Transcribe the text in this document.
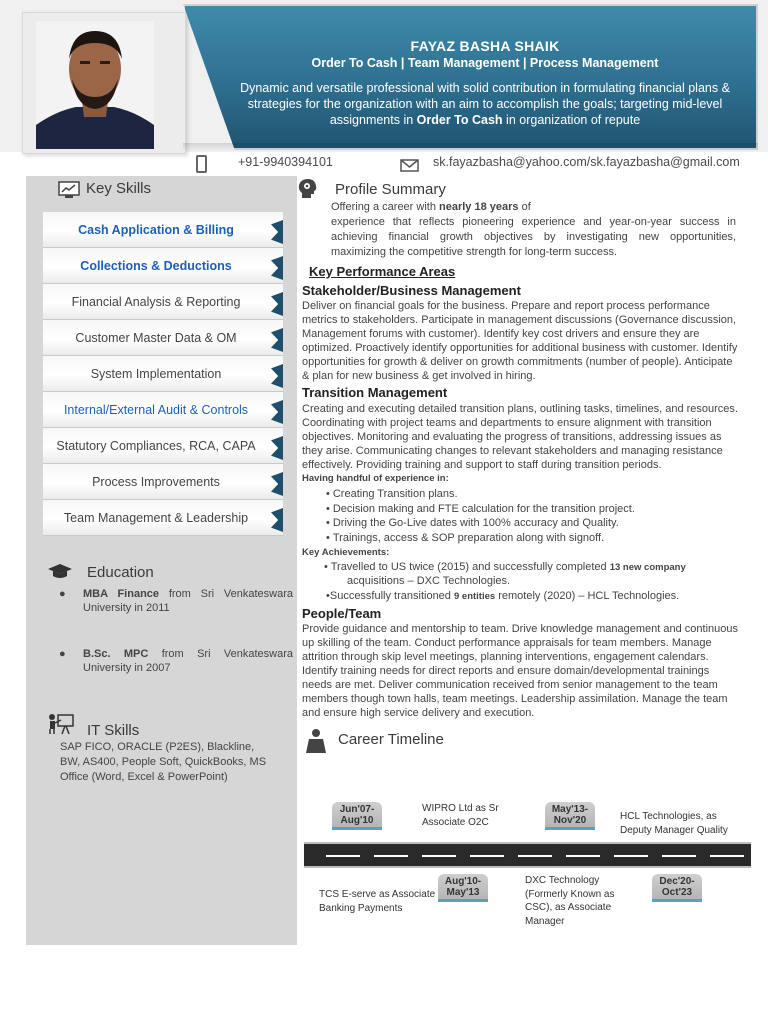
FAYAZ BASHA SHAIK
Order To Cash | Team Management | Process Management
Dynamic and versatile professional with solid contribution in formulating financial plans & strategies for the organization with an aim to accomplish the goals; targeting mid-level assignments in Order To Cash in organization of repute
+91-9940394101	sk.fayazbasha@yahoo.com/sk.fayazbasha@gmail.com
Key Skills
Cash Application & Billing
Collections & Deductions
Financial Analysis & Reporting
Customer Master Data & OM
System Implementation
Internal/External Audit & Controls
Statutory Compliances, RCA, CAPA
Process Improvements
Team Management & Leadership
Education
●	MBA Finance from Sri Venkateswara University in 2011
●	B.Sc. MPC from Sri Venkateswara University in 2007
IT Skills
SAP FICO, ORACLE (P2ES), Blackline, BW, AS400, People Soft, QuickBooks, MS Office (Word, Excel & PowerPoint)
Profile Summary
Offering a career with nearly 18 years of
experience that reflects pioneering experience and year-on-year success in achieving financial growth objectives by investigating new opportunities, maximizing the competitive strength for long-term success.
Key Performance Areas
Stakeholder/Business Management
Deliver on financial goals for the business. Prepare and report process performance metrics to stakeholders. Participate in management discussions (Governance discussion, Management forums with customer). Identify key cost drivers and ensure they are optimized. Proactively identify opportunities for additional business with customer. Identify opportunities for growth & deliver on growth commitments (number of people). Anticipate & plan for new business & get involved in hiring.
Transition Management
Creating and executing detailed transition plans, outlining tasks, timelines, and resources. Coordinating with project teams and departments to ensure alignment with transition objectives. Monitoring and evaluating the progress of transitions, addressing issues as they arise. Communicating changes to relevant stakeholders and managing resistance effectively. Providing training and support to staff during transition periods.
Having handful of experience in:
• Creating Transition plans.
• Decision making and FTE calculation for the transition project.
• Driving the Go-Live dates with 100% accuracy and Quality.
• Trainings, access & SOP preparation along with signoff.
Key Achievements:
• Travelled to US twice (2015) and successfully completed 13 new company
acquisitions – DXC Technologies.
•Successfully transitioned 9 entities remotely (2020) – HCL Technologies.
People/Team
Provide guidance and mentorship to team. Drive knowledge management and continuous up skilling of the team. Conduct performance appraisals for team members. Manage attrition through skip level meetings, planning interventions, engagement calendars. Identify training needs for direct reports and ensure domain/developmental trainings needs are met. Deliver communication received from senior management to the team members though town halls, team meetings. Leadership assimilation. Manage the team and ensure high service delivery and execution.
Career Timeline
Jun'07-
Aug'10
WIPRO Ltd as Sr Associate O2C
May'13-
Nov'20	HCL Technologies, as Deputy Manager Quality
Aug'10-
May'13
TCS E-serve as Associate Banking Payments
Dec'20-
Oct'23
DXC Technology (Formerly Known as CSC), as Associate Manager
